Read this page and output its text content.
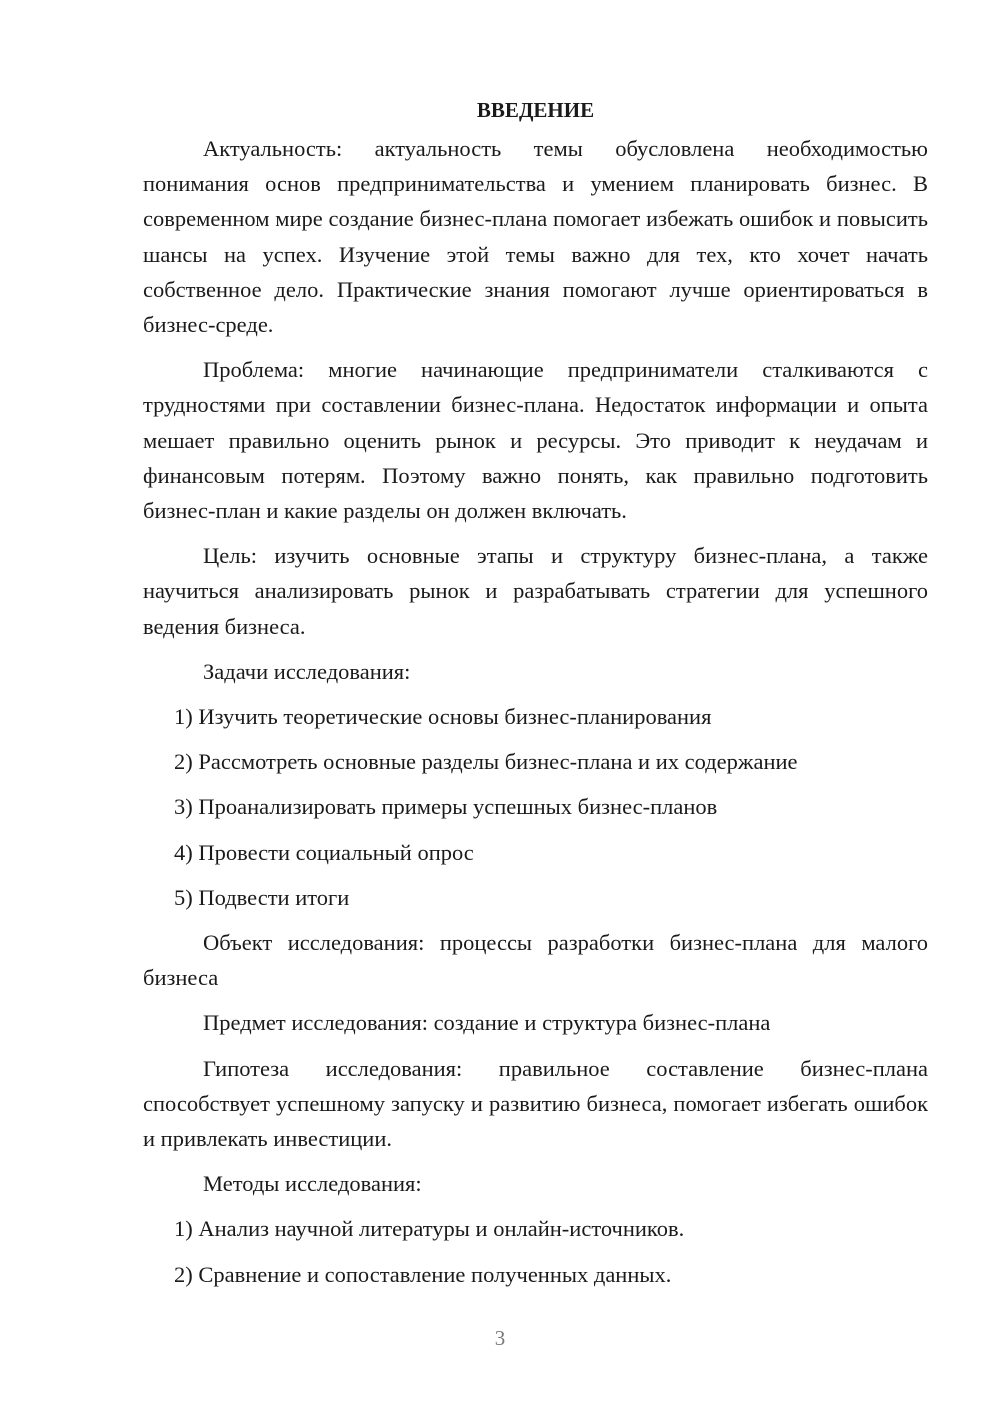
ВВЕДЕНИЕ

Актуальность: актуальность темы обусловлена необходимостью понимания основ предпринимательства и умением планировать бизнес. В современном мире создание бизнес-плана помогает избежать ошибок и повысить шансы на успех. Изучение этой темы важно для тех, кто хочет начать собственное дело. Практические знания помогают лучше ориентироваться в бизнес-среде.

Проблема: многие начинающие предприниматели сталкиваются с трудностями при составлении бизнес-плана. Недостаток информации и опыта мешает правильно оценить рынок и ресурсы. Это приводит к неудачам и финансовым потерям. Поэтому важно понять, как правильно подготовить бизнес-план и какие разделы он должен включать.

Цель: изучить основные этапы и структуру бизнес-плана, а также научиться анализировать рынок и разрабатывать стратегии для успешного ведения бизнеса.

Задачи исследования:

1) Изучить теоретические основы бизнес-планирования

2) Рассмотреть основные разделы бизнес-плана и их содержание

3) Проанализировать примеры успешных бизнес-планов

4) Провести социальный опрос

5) Подвести итоги

Объект исследования: процессы разработки бизнес-плана для малого бизнеса

Предмет исследования: создание и структура бизнес-плана

Гипотеза исследования: правильное составление бизнес-плана способствует успешному запуску и развитию бизнеса, помогает избегать ошибок и привлекать инвестиции.

Методы исследования:

1) Анализ научной литературы и онлайн-источников.

2) Сравнение и сопоставление полученных данных.

3
